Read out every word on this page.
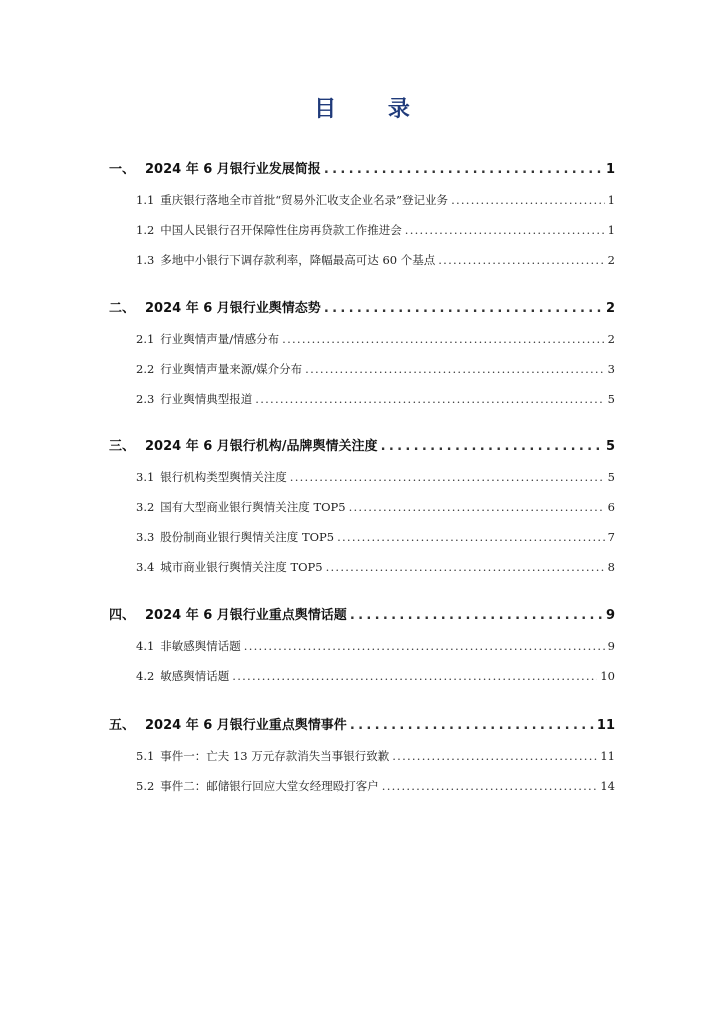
目 录
一、 2024 年 6 月银行业发展简报 . . .	1
1.1 重庆银行落地全市首批“贸易外汇收支企业名录”登记业务 . . .	1
1.2 中国人民银行召开保障性住房再贷款工作推进会 . . .	1
1.3 多地中小银行下调存款利率，降幅最高可达 60 个基点 . . .	2
二、 2024 年 6 月银行业舆情态势 . . .	2
2.1 行业舆情声量/情感分布 . . .	2
2.2 行业舆情声量来源/媒介分布 . . .	3
2.3 行业舆情典型报道 . . .	5
三、 2024 年 6 月银行机构/品牌舆情关注度 . . .	5
3.1 银行机构类型舆情关注度 . . .	5
3.2 国有大型商业银行舆情关注度 TOP5 . . .	6
3.3 股份制商业银行舆情关注度 TOP5 . . .	7
3.4 城市商业银行舆情关注度 TOP5 . . .	8
四、 2024 年 6 月银行业重点舆情话题 . . .	9
4.1 非敏感舆情话题 . . .	9
4.2 敏感舆情话题 . . .	10
五、 2024 年 6 月银行业重点舆情事件 . . .	11
5.1 事件一：亡夫 13 万元存款消失当事银行致歉 . . .	11
5.2 事件二：邮储银行回应大堂女经理殴打客户 . . .	14
